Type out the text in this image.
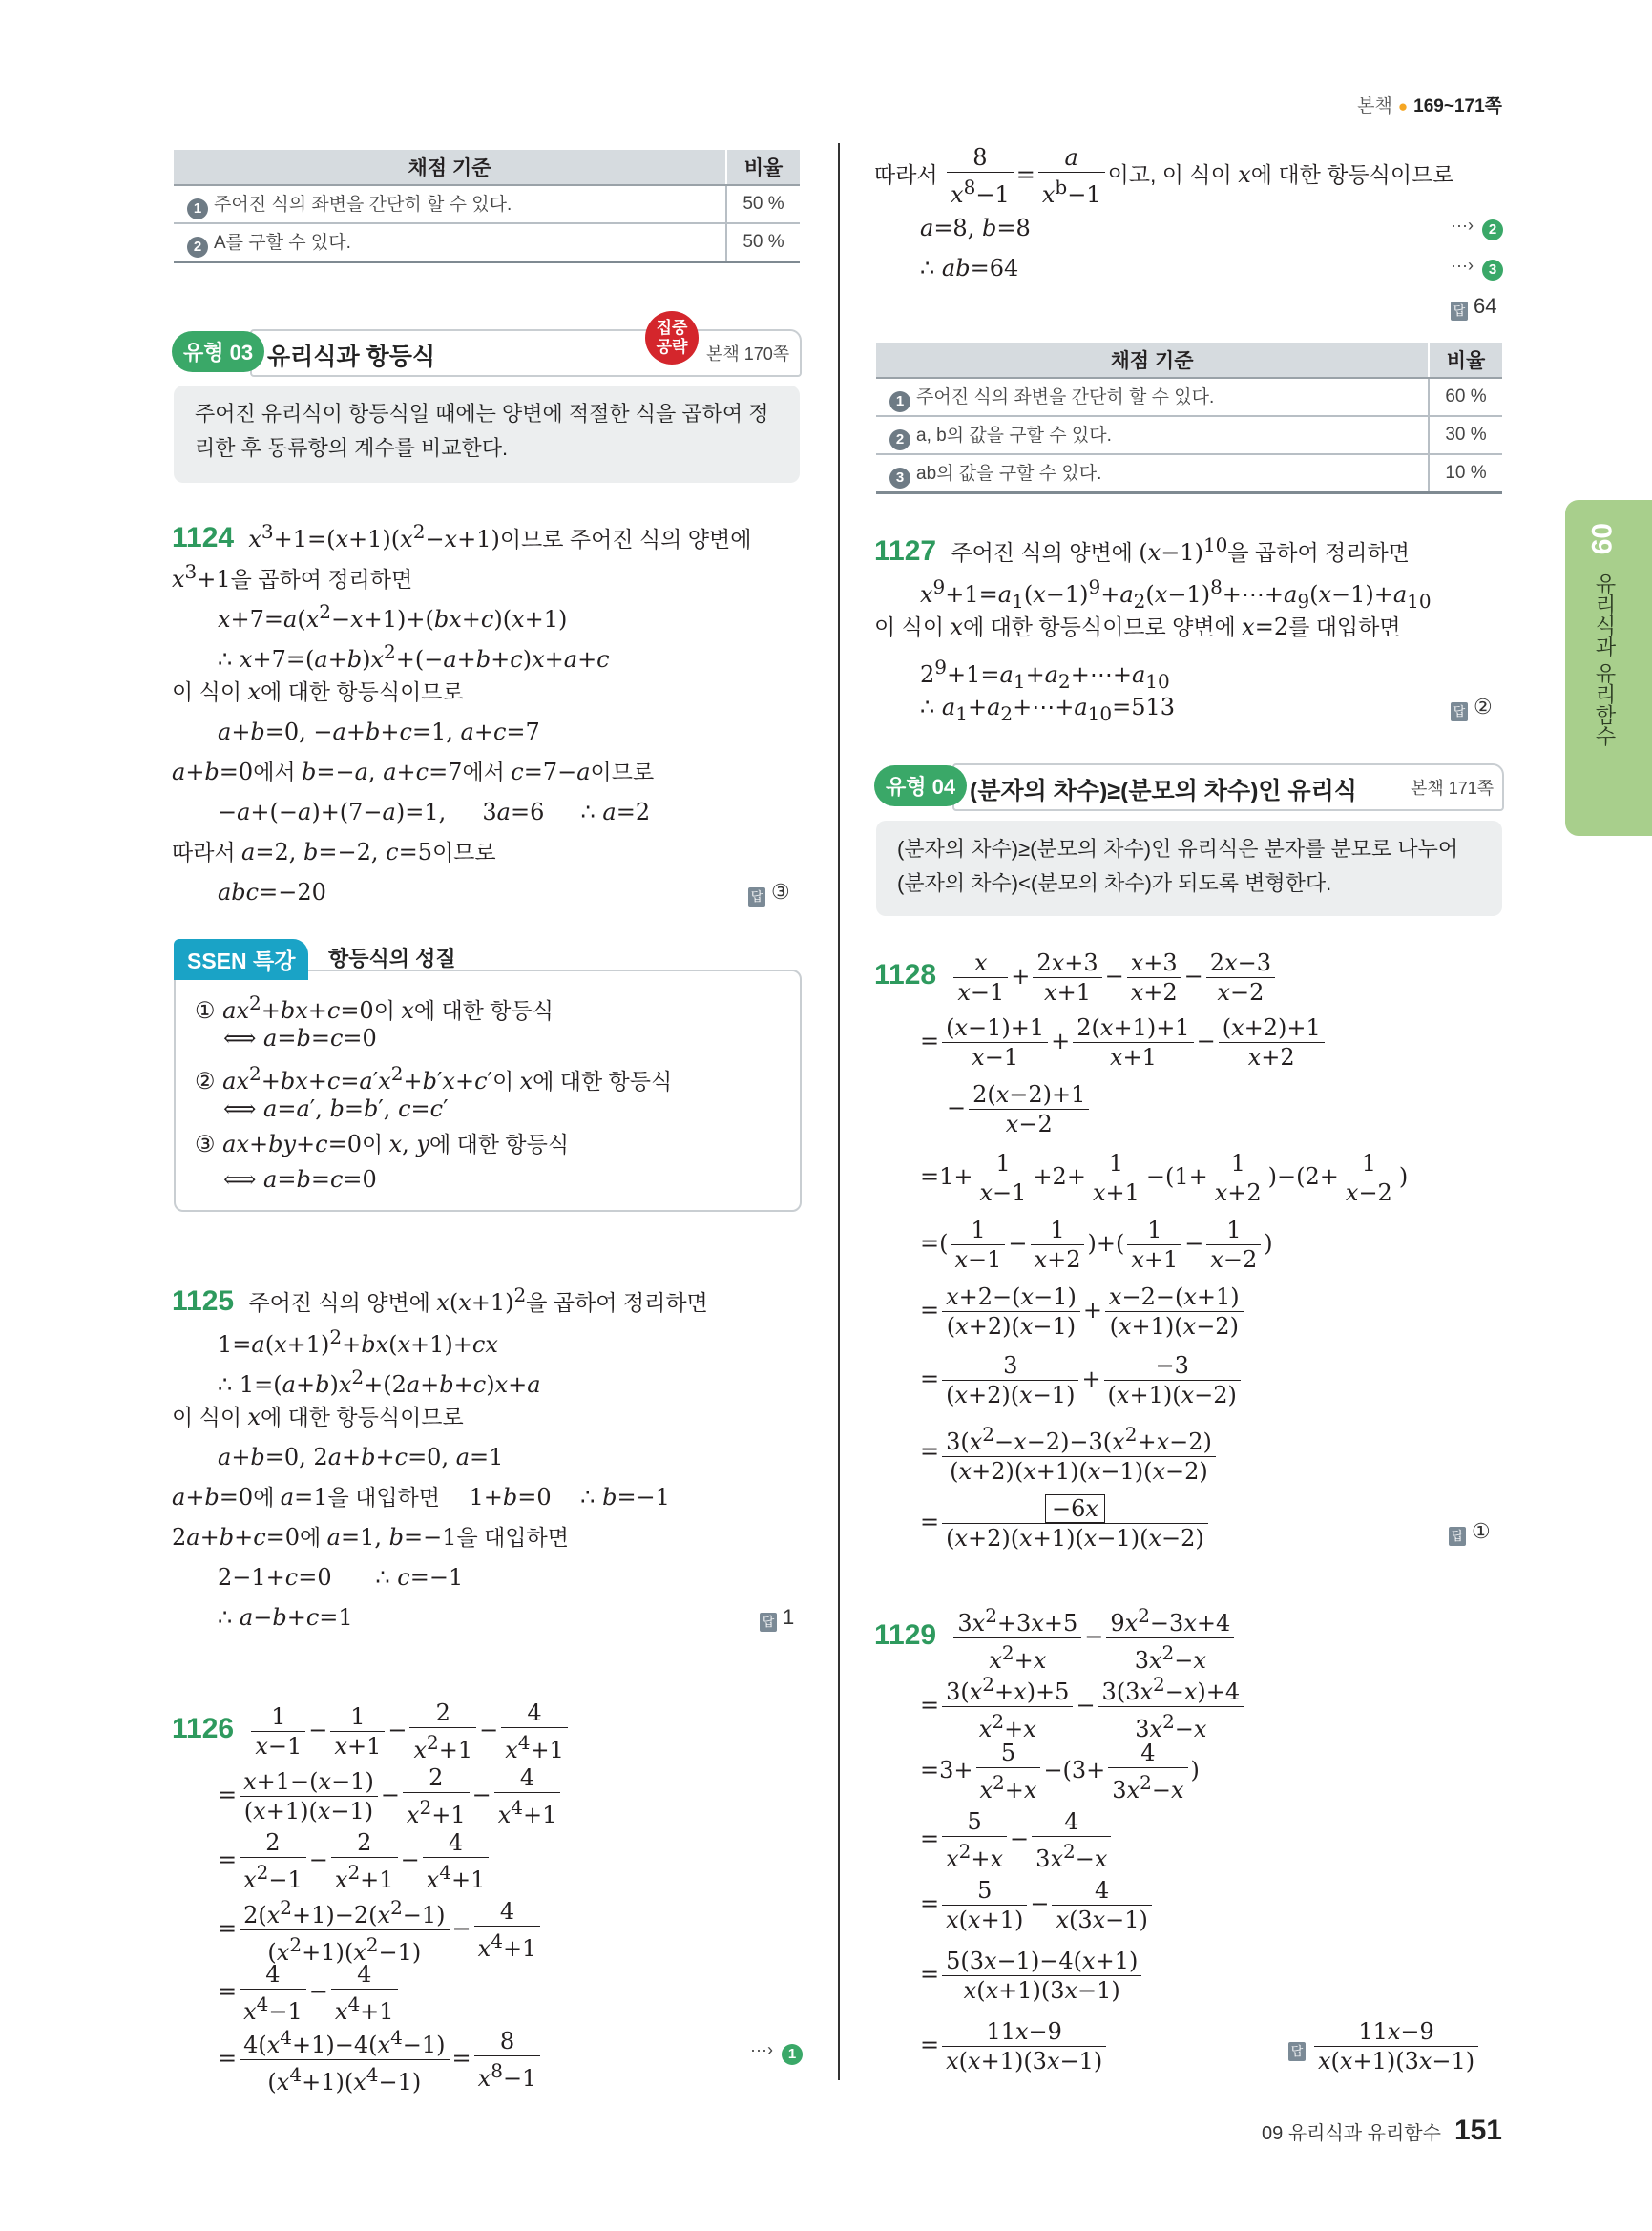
본책 ● 169~171쪽
채점 기준	비율
1 주어진 식의 좌변을 간단히 할 수 있다.	50 %
2 A를 구할 수 있다.	50 %
유형 03 유리식과 항등식
집중
공략	본책 170쪽
주어진 유리식이 항등식일 때에는 양변에 적절한 식을 곱하여 정
리한 후 동류항의 계수를 비교한다.
1124 $x^3+1=(x+1)(x^2-x+1)$이므로 주어진 식의 양변에
$x^3+1$을 곱하여 정리하면
$x+7=a(x^2-x+1)+(bx+c)(x+1)$
∴ $x+7=(a+b)x^2+(-a+b+c)x+a+c$
이 식이 x에 대한 항등식이므로
a+b=0, −a+b+c=1, a+c=7
a+b=0에서 b=−a, a+c=7에서 c=7−a이므로
−a+(−a)+(7−a)=1,     3a=6     ∴ a=2
따라서 a=2, b=−2, c=5이므로
abc=−20	답 ③
SSEN 특강	항등식의 성질
① $ax^2+bx+c=0$이 x에 대한 항등식
⟺ a=b=c=0
② $ax^2+bx+c=a'x^2+b'x+c'$이 x에 대한 항등식
⟺ a=a′, b=b′, c=c′
③ ax+by+c=0이 x, y에 대한 항등식
⟺ a=b=c=0
1125 주어진 식의 양변에 $x(x+1)^2$을 곱하여 정리하면
$1=a(x+1)^2+bx(x+1)+cx$
∴ $1=(a+b)x^2+(2a+b+c)x+a$
이 식이 x에 대한 항등식이므로
a+b=0, 2a+b+c=0, a=1
a+b=0에 a=1을 대입하면    1+b=0    ∴ b=−1
2a+b+c=0에 a=1, b=−1을 대입하면
2−1+c=0      ∴ c=−1
∴ a−b+c=1	답 1
$1126 \frac{1}{x-1} - \frac{1}{x+1} - \frac{2}{x^2+1} - \frac{4}{x^4+1}$
= $\frac{x+1-(x-1)}{(x+1)(x-1)} - \frac{2}{x^2+1} - \frac{4}{x^4+1}$
= $\frac{2}{x^2-1} - \frac{2}{x^2+1} - \frac{4}{x^4+1}$
= $\frac{2(x^2+1)-2(x^2-1)}{(x^2+1)(x^2-1)} - \frac{4}{x^4+1}$
= $\frac{4}{x^4-1} - \frac{4}{x^4+1}$
= $\frac{4(x^4+1)-4(x^4-1)}{(x^4+1)(x^4-1)} = \frac{8}{x^8-1}$	···› 1
따라서 $\frac{8}{x^8-1} = \frac{a}{x^b-1}$ 이고, 이 식이 x에 대한 항등식이므로
a=8, b=8	···› 2
∴ ab=64	···› 3
답 64
채점 기준	비율
1 주어진 식의 좌변을 간단히 할 수 있다.	60 %
2 a, b의 값을 구할 수 있다.	30 %
3 ab의 값을 구할 수 있다.	10 %
1127 주어진 식의 양변에 $(x-1)^{10}$을 곱하여 정리하면
$x^9+1=a_1(x-1)^9+a_2(x-1)^8+\cdots+a_9(x-1)+a_{10}$
이 식이 x에 대한 항등식이므로 양변에 x=2를 대입하면
$2^9+1=a_1+a_2+\cdots+a_{10}$
∴ $a_1+a_2+\cdots+a_{10}=513$	답 ②
유형 04 (분자의 차수)≥(분모의 차수)인 유리식	본책 171쪽
(분자의 차수)≥(분모의 차수)인 유리식은 분자를 분모로 나누어
(분자의 차수)<(분모의 차수)가 되도록 변형한다.
$1128 \frac{x}{x-1} + \frac{2x+3}{x+1} - \frac{x+3}{x+2} - \frac{2x-3}{x-2}$
= $\frac{(x-1)+1}{x-1} + \frac{2(x+1)+1}{x+1} - \frac{(x+2)+1}{x+2}$
− $\frac{2(x-2)+1}{x-2}$
$=1+ \frac{1}{x-1} +2+ \frac{1}{x+1} -(1+ \frac{1}{x+2} )-(2+ \frac{1}{x-2}$ )
=( $\frac{1}{x-1} - \frac{1}{x+2}$ )+( $\frac{1}{x+1} - \frac{1}{x-2}$ )
= $\frac{x+2-(x-1)}{(x+2)(x-1)} + \frac{x-2-(x+1)}{(x+1)(x-2)}$
= $\frac{3}{(x+2)(x-1)} + \frac{-3}{(x+1)(x-2)}$
= $\frac{3(x^2-x-2)-3(x^2+x-2)}{(x+2)(x+1)(x-1)(x-2)}$
= $\frac{-6x}{(x+2)(x+1)(x-1)(x-2)}$	답 ①
$1129 \frac{3x^2+3x+5}{x^2+x} - \frac{9x^2-3x+4}{3x^2-x}$
= $\frac{3(x^2+x)+5}{x^2+x} - \frac{3(3x^2-x)+4}{3x^2-x}$
$=3+ \frac{5}{x^2+x} -(3+ \frac{4}{3x^2-x}$ )
= $\frac{5}{x^2+x} - \frac{4}{3x^2-x}$
= $\frac{5}{x(x+1)} - \frac{4}{x(3x-1)}$
= $\frac{5(3x-1)-4(x+1)}{x(x+1)(3x-1)}$
= $\frac{11x-9}{x(x+1)(3x-1)}$	답 $\frac{11x-9}{x(x+1)(3x-1)}$
09
유리식과 유리함수
09 유리식과 유리함수 151
